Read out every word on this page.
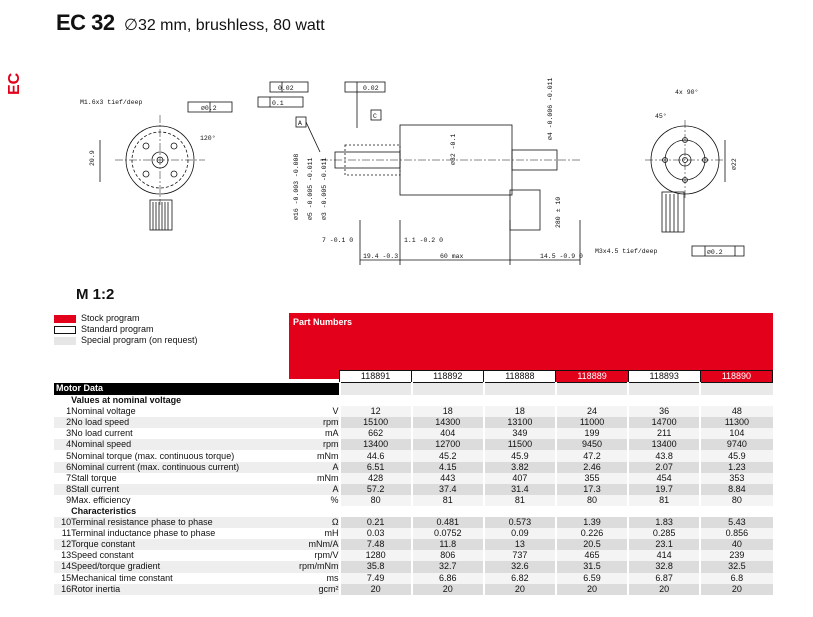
EC 32 ∅32 mm, brushless, 80 watt
EC
20.9
M1.6x3 tief/deep
∅0.2
120°
0.02	0.02
0.1
A
C
∅32 -0.1
∅4 -0.006 -0.011
280 ± 10
∅16 -0.003 -0.008 ∅5 -0.005 -0.011 ∅3 -0.005 -0.011
7 -0.1 0	1.1 -0.2 0
19.4 -0.3	60 max	14.5 -0.9 0
4x 90°
45°
∅22
M3x4.5 tief/deep	∅0.2
M 1:2
Stock program
Standard program
Special program (on request)
Part Numbers
			118891	118892	118888	118889	118893	118890
Motor Data								
	Values at nominal voltage							
1	Nominal voltage	V	12	18	18	24	36	48
2	No load speed	rpm	15100	14300	13100	11000	14700	11300
3	No load current	mA	662	404	349	199	211	104
4	Nominal speed	rpm	13400	12700	11500	9450	13400	9740
5	Nominal torque (max. continuous torque)	mNm	44.6	45.2	45.9	47.2	43.8	45.9
6	Nominal current (max. continuous current)	A	6.51	4.15	3.82	2.46	2.07	1.23
7	Stall torque	mNm	428	443	407	355	454	353
8	Stall current	A	57.2	37.4	31.4	17.3	19.7	8.84
9	Max. efficiency	%	80	81	81	80	81	80
	Characteristics							
10	Terminal resistance phase to phase	Ω	0.21	0.481	0.573	1.39	1.83	5.43
11	Terminal inductance phase to phase	mH	0.03	0.0752	0.09	0.226	0.285	0.856
12	Torque constant	mNm/A	7.48	11.8	13	20.5	23.1	40
13	Speed constant	rpm/V	1280	806	737	465	414	239
14	Speed/torque gradient	rpm/mNm	35.8	32.7	32.6	31.5	32.8	32.5
15	Mechanical time constant	ms	7.49	6.86	6.82	6.59	6.87	6.8
16	Rotor inertia	gcm²	20	20	20	20	20	20
